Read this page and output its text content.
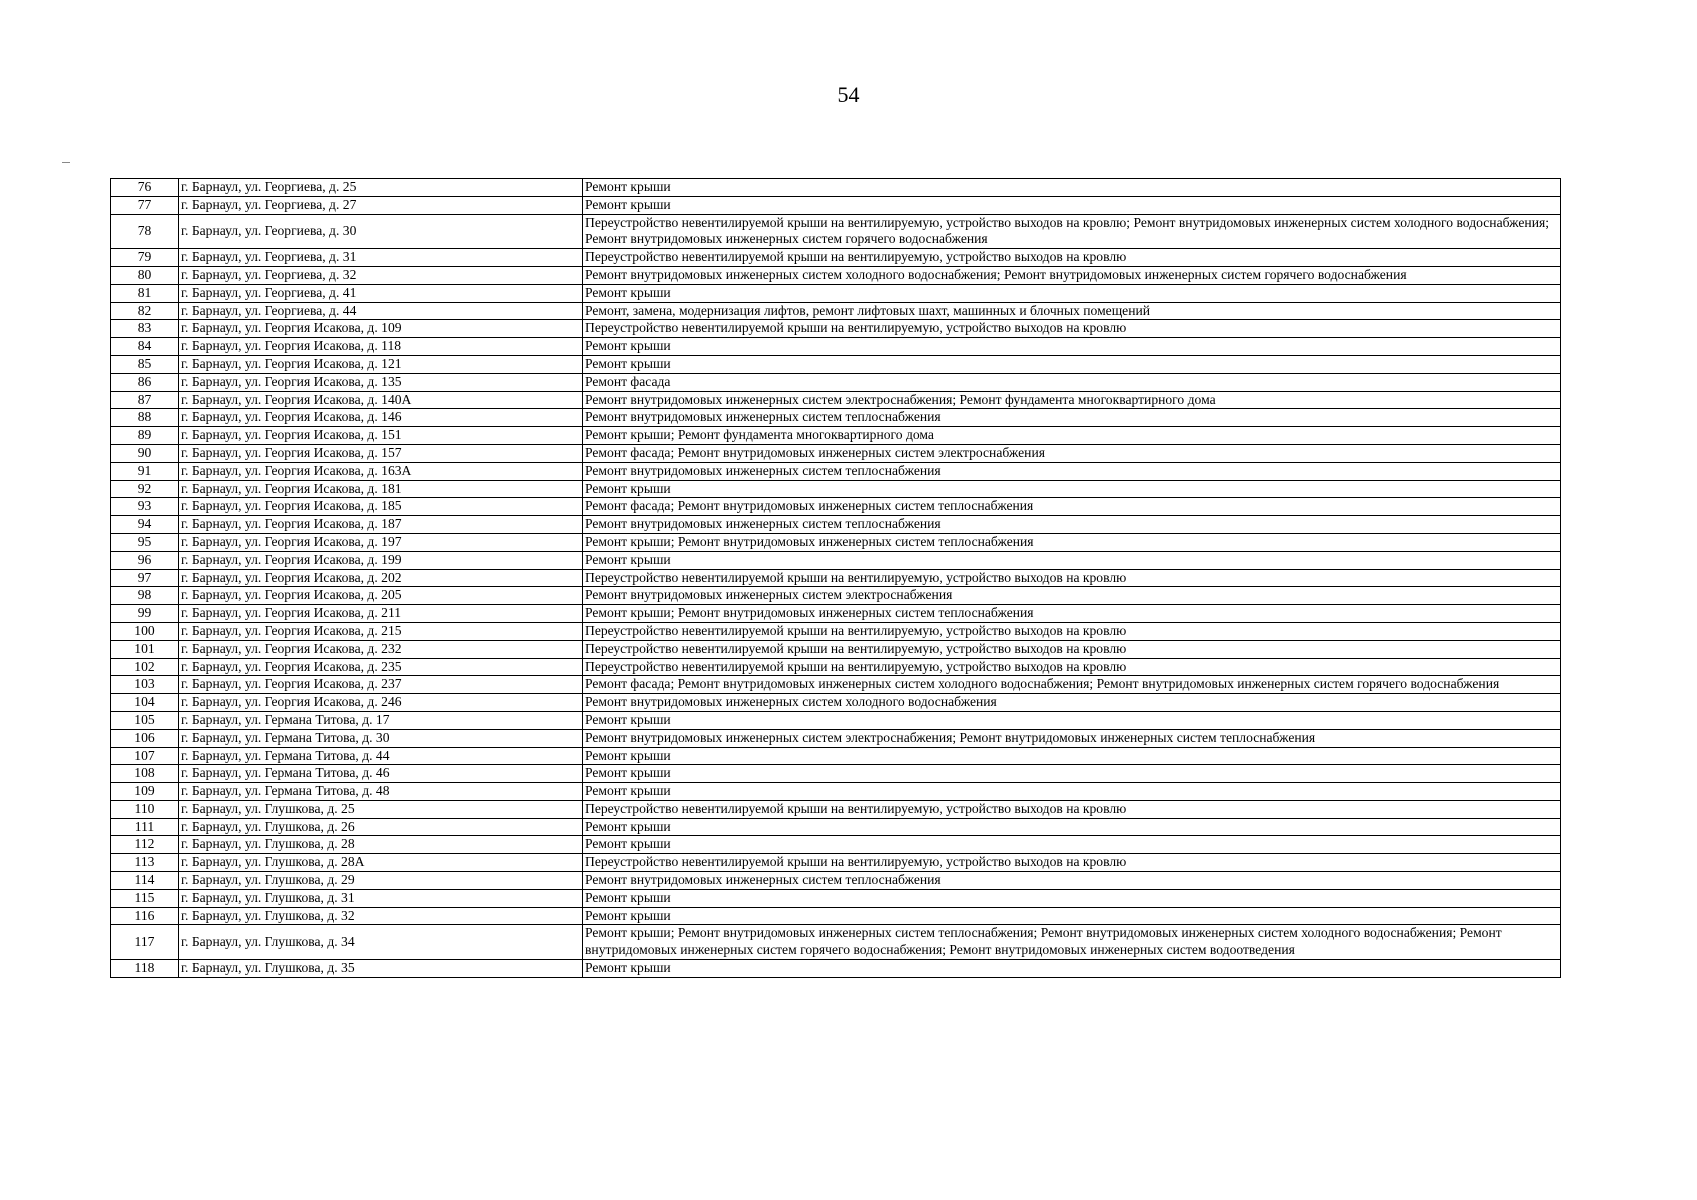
54
76	г. Барнаул, ул. Георгиева, д. 25	Ремонт крыши
77	г. Барнаул, ул. Георгиева, д. 27	Ремонт крыши
78	г. Барнаул, ул. Георгиева, д. 30	Переустройство невентилируемой крыши на вентилируемую, устройство выходов на кровлю; Ремонт внутридомовых инженерных систем холодного водоснабжения; Ремонт внутридомовых инженерных систем горячего водоснабжения
79	г. Барнаул, ул. Георгиева, д. 31	Переустройство невентилируемой крыши на вентилируемую, устройство выходов на кровлю
80	г. Барнаул, ул. Георгиева, д. 32	Ремонт внутридомовых инженерных систем холодного водоснабжения; Ремонт внутридомовых инженерных систем горячего водоснабжения
81	г. Барнаул, ул. Георгиева, д. 41	Ремонт крыши
82	г. Барнаул, ул. Георгиева, д. 44	Ремонт, замена, модернизация лифтов, ремонт лифтовых шахт, машинных и блочных помещений
83	г. Барнаул, ул. Георгия Исакова, д. 109	Переустройство невентилируемой крыши на вентилируемую, устройство выходов на кровлю
84	г. Барнаул, ул. Георгия Исакова, д. 118	Ремонт крыши
85	г. Барнаул, ул. Георгия Исакова, д. 121	Ремонт крыши
86	г. Барнаул, ул. Георгия Исакова, д. 135	Ремонт фасада
87	г. Барнаул, ул. Георгия Исакова, д. 140А	Ремонт внутридомовых инженерных систем электроснабжения; Ремонт фундамента многоквартирного дома
88	г. Барнаул, ул. Георгия Исакова, д. 146	Ремонт внутридомовых инженерных систем теплоснабжения
89	г. Барнаул, ул. Георгия Исакова, д. 151	Ремонт крыши; Ремонт фундамента многоквартирного дома
90	г. Барнаул, ул. Георгия Исакова, д. 157	Ремонт фасада; Ремонт внутридомовых инженерных систем электроснабжения
91	г. Барнаул, ул. Георгия Исакова, д. 163А	Ремонт внутридомовых инженерных систем теплоснабжения
92	г. Барнаул, ул. Георгия Исакова, д. 181	Ремонт крыши
93	г. Барнаул, ул. Георгия Исакова, д. 185	Ремонт фасада; Ремонт внутридомовых инженерных систем теплоснабжения
94	г. Барнаул, ул. Георгия Исакова, д. 187	Ремонт внутридомовых инженерных систем теплоснабжения
95	г. Барнаул, ул. Георгия Исакова, д. 197	Ремонт крыши; Ремонт внутридомовых инженерных систем теплоснабжения
96	г. Барнаул, ул. Георгия Исакова, д. 199	Ремонт крыши
97	г. Барнаул, ул. Георгия Исакова, д. 202	Переустройство невентилируемой крыши на вентилируемую, устройство выходов на кровлю
98	г. Барнаул, ул. Георгия Исакова, д. 205	Ремонт внутридомовых инженерных систем электроснабжения
99	г. Барнаул, ул. Георгия Исакова, д. 211	Ремонт крыши; Ремонт внутридомовых инженерных систем теплоснабжения
100	г. Барнаул, ул. Георгия Исакова, д. 215	Переустройство невентилируемой крыши на вентилируемую, устройство выходов на кровлю
101	г. Барнаул, ул. Георгия Исакова, д. 232	Переустройство невентилируемой крыши на вентилируемую, устройство выходов на кровлю
102	г. Барнаул, ул. Георгия Исакова, д. 235	Переустройство невентилируемой крыши на вентилируемую, устройство выходов на кровлю
103	г. Барнаул, ул. Георгия Исакова, д. 237	Ремонт фасада; Ремонт внутридомовых инженерных систем холодного водоснабжения; Ремонт внутридомовых инженерных систем горячего водоснабжения
104	г. Барнаул, ул. Георгия Исакова, д. 246	Ремонт внутридомовых инженерных систем холодного водоснабжения
105	г. Барнаул, ул. Германа Титова, д. 17	Ремонт крыши
106	г. Барнаул, ул. Германа Титова, д. 30	Ремонт внутридомовых инженерных систем электроснабжения; Ремонт внутридомовых инженерных систем теплоснабжения
107	г. Барнаул, ул. Германа Титова, д. 44	Ремонт крыши
108	г. Барнаул, ул. Германа Титова, д. 46	Ремонт крыши
109	г. Барнаул, ул. Германа Титова, д. 48	Ремонт крыши
110	г. Барнаул, ул. Глушкова, д. 25	Переустройство невентилируемой крыши на вентилируемую, устройство выходов на кровлю
111	г. Барнаул, ул. Глушкова, д. 26	Ремонт крыши
112	г. Барнаул, ул. Глушкова, д. 28	Ремонт крыши
113	г. Барнаул, ул. Глушкова, д. 28А	Переустройство невентилируемой крыши на вентилируемую, устройство выходов на кровлю
114	г. Барнаул, ул. Глушкова, д. 29	Ремонт внутридомовых инженерных систем теплоснабжения
115	г. Барнаул, ул. Глушкова, д. 31	Ремонт крыши
116	г. Барнаул, ул. Глушкова, д. 32	Ремонт крыши
117	г. Барнаул, ул. Глушкова, д. 34	Ремонт крыши; Ремонт внутридомовых инженерных систем теплоснабжения; Ремонт внутридомовых инженерных систем холодного водоснабжения; Ремонт внутридомовых инженерных систем горячего водоснабжения; Ремонт внутридомовых инженерных систем водоотведения
118	г. Барнаул, ул. Глушкова, д. 35	Ремонт крыши
